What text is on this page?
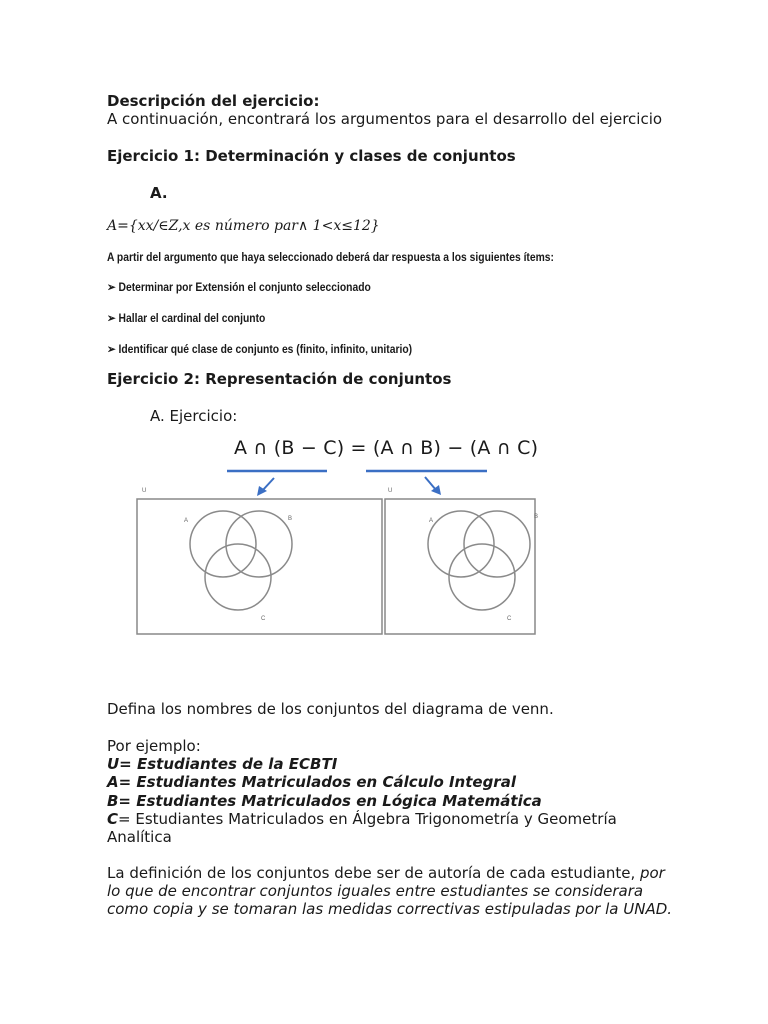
Descripción del ejercicio:
A continuación, encontrará los argumentos para el desarrollo del ejercicio
Ejercicio 1: Determinación y clases de conjuntos
A.
A={xx/∈Z,x es número par∧ 1<x≤12}
A partir del argumento que haya seleccionado deberá dar respuesta a los siguientes ítems:
➢ Determinar por Extensión el conjunto seleccionado
➢ Hallar el cardinal del conjunto
➢ Identificar qué clase de conjunto es (finito, infinito, unitario)
Ejercicio 2: Representación de conjuntos
A. Ejercicio:
A ∩ (B − C) = (A ∩ B) − (A ∩ C)
U
A	B
C
U
A
B
C
Defina los nombres de los conjuntos del diagrama de venn.
Por ejemplo:
U= Estudiantes de la ECBTI
A= Estudiantes Matriculados en Cálculo Integral
B= Estudiantes Matriculados en Lógica Matemática
C= Estudiantes Matriculados en Álgebra Trigonometría y Geometría
Analítica
La definición de los conjuntos debe ser de autoría de cada estudiante, por
lo que de encontrar conjuntos iguales entre estudiantes se considerara
como copia y se tomaran las medidas correctivas estipuladas por la UNAD.
